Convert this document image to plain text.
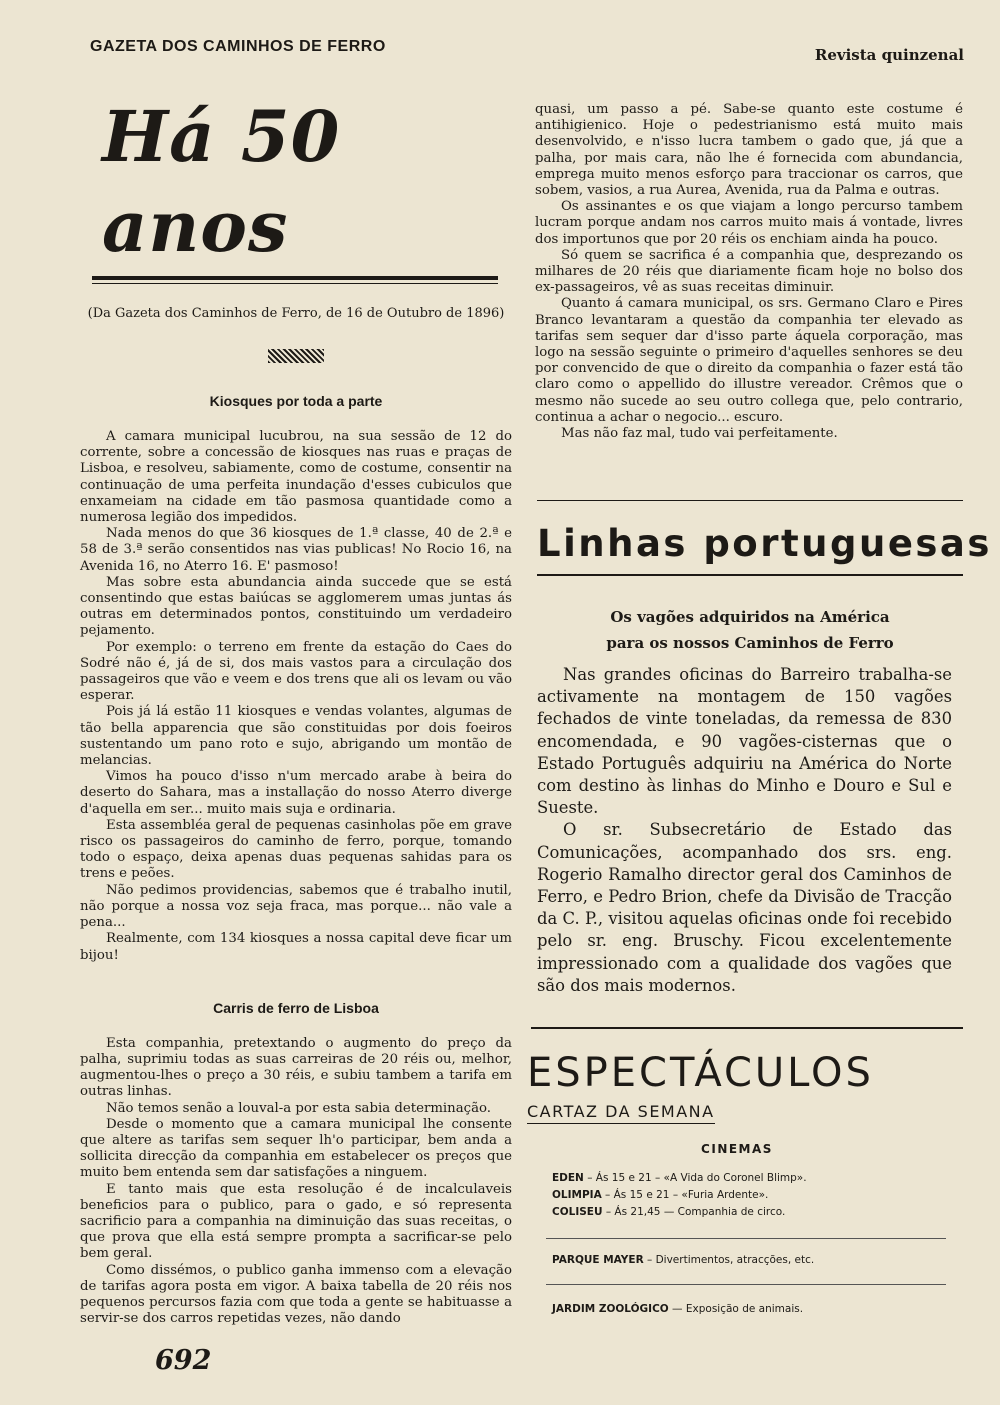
GAZETA DOS CAMINHOS DE FERRO	Revista quinzenal
Há 50 anos
(Da Gazeta dos Caminhos de Ferro, de 16 de Outubro de 1896)
Kiosques por toda a parte

A camara municipal lucubrou, na sua sessão de 12 do corrente, sobre a concessão de kiosques nas ruas e praças de Lisboa, e resolveu, sabiamente, como de costume, consentir na continuação de uma perfeita inundação d'esses cubiculos que enxameiam na cidade em tão pasmosa quantidade como a numerosa legião dos impedidos.

Nada menos do que 36 kiosques de 1.ª classe, 40 de 2.ª e 58 de 3.ª serão consentidos nas vias publicas! No Rocio 16, na Avenida 16, no Aterro 16. E' pasmoso!

Mas sobre esta abundancia ainda succede que se está consentindo que estas baiúcas se agglomerem umas juntas ás outras em determinados pontos, constituindo um verdadeiro pejamento.

Por exemplo: o terreno em frente da estação do Caes do Sodré não é, já de si, dos mais vastos para a circulação dos passageiros que vão e veem e dos trens que ali os levam ou vão esperar.

Pois já lá estão 11 kiosques e vendas volantes, algumas de tão bella apparencia que são constituidas por dois foeiros sustentando um pano roto e sujo, abrigando um montão de melancias.

Vimos ha pouco d'isso n'um mercado arabe à beira do deserto do Sahara, mas a installação do nosso Aterro diverge d'aquella em ser... muito mais suja e ordinaria.

Esta assembléa geral de pequenas casinholas põe em grave risco os passageiros do caminho de ferro, porque, tomando todo o espaço, deixa apenas duas pequenas sahidas para os trens e peões.

Não pedimos providencias, sabemos que é trabalho inutil, não porque a nossa voz seja fraca, mas porque... não vale a pena...

Realmente, com 134 kiosques a nossa capital deve ficar um bijou!

Carris de ferro de Lisboa

Esta companhia, pretextando o augmento do preço da palha, suprimiu todas as suas carreiras de 20 réis ou, melhor, augmentou-lhes o preço a 30 réis, e subiu tambem a tarifa em outras linhas.

Não temos senão a louval-a por esta sabia determinação.

Desde o momento que a camara municipal lhe consente que altere as tarifas sem sequer lh'o participar, bem anda a sollicita direcção da companhia em estabelecer os preços que muito bem entenda sem dar satisfações a ninguem.

E tanto mais que esta resolução é de incalculaveis beneficios para o publico, para o gado, e só representa sacrificio para a companhia na diminuição das suas receitas, o que prova que ella está sempre prompta a sacrificar-se pelo bem geral.

Como dissémos, o publico ganha immenso com a elevação de tarifas agora posta em vigor. A baixa tabella de 20 réis nos pequenos percursos fazia com que toda a gente se habituasse a servir-se dos carros repetidas vezes, não dando

quasi, um passo a pé. Sabe-se quanto este costume é antihigienico. Hoje o pedestrianismo está muito mais desenvolvido, e n'isso lucra tambem o gado que, já que a palha, por mais cara, não lhe é fornecida com abundancia, emprega muito menos esforço para traccionar os carros, que sobem, vasios, a rua Aurea, Avenida, rua da Palma e outras.

Os assinantes e os que viajam a longo percurso tambem lucram porque andam nos carros muito mais á vontade, livres dos importunos que por 20 réis os enchiam ainda ha pouco.

Só quem se sacrifica é a companhia que, desprezando os milhares de 20 réis que diariamente ficam hoje no bolso dos ex-passageiros, vê as suas receitas diminuir.

Quanto á camara municipal, os srs. Germano Claro e Pires Branco levantaram a questão da companhia ter elevado as tarifas sem sequer dar d'isso parte áquela corporação, mas logo na sessão seguinte o primeiro d'aquelles senhores se deu por convencido de que o direito da companhia o fazer está tão claro como o appellido do illustre vereador. Crêmos que o mesmo não sucede ao seu outro collega que, pelo contrario, continua a achar o negocio... escuro.

Mas não faz mal, tudo vai perfeitamente.

Linhas portuguesas
Os vagões adquiridos na América
para os nossos Caminhos de Ferro

Nas grandes oficinas do Barreiro trabalha-se activamente na montagem de 150 vagões fechados de vinte toneladas, da remessa de 830 encomendada, e 90 vagões-cisternas que o Estado Português adquiriu na América do Norte com destino às linhas do Minho e Douro e Sul e Sueste.

O sr. Subsecretário de Estado das Comunicações, acompanhado dos srs. eng. Rogerio Ramalho director geral dos Caminhos de Ferro, e Pedro Brion, chefe da Divisão de Tracção da C. P., visitou aquelas oficinas onde foi recebido pelo sr. eng. Bruschy. Ficou excelentemente impressionado com a qualidade dos vagões que são dos mais modernos.

ESPECTÁCULOS
CARTAZ DA SEMANA
CINEMAS
EDEN – Ás 15 e 21 – «A Vida do Coronel Blimp».
OLIMPIA – Ás 15 e 21 – «Furia Ardente».
COLISEU – Ás 21,45 — Companhia de circo.
PARQUE MAYER – Divertimentos, atracções, etc.
JARDIM ZOOLÓGICO — Exposição de animais.
692
